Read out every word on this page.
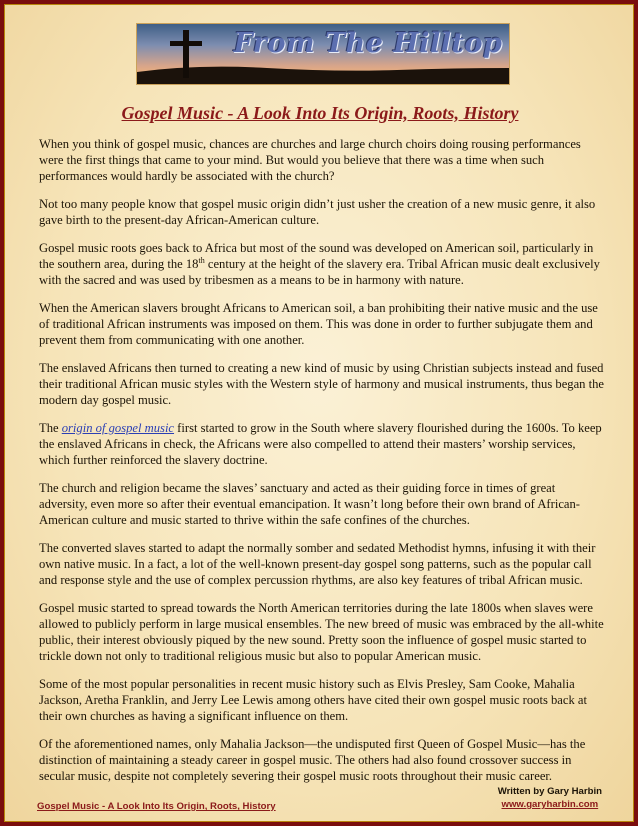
From The Hilltop
Gospel Music - A Look Into Its Origin, Roots, History

When you think of gospel music, chances are churches and large church choirs doing rousing performances were the first things that came to your mind. But would you believe that there was a time when such performances would hardly be associated with the church?

Not too many people know that gospel music origin didn’t just usher the creation of a new music genre, it also gave birth to the present-day African-American culture.

Gospel music roots goes back to Africa but most of the sound was developed on American soil, particularly in the southern area, during the 18th century at the height of the slavery era. Tribal African music dealt exclusively with the sacred and was used by tribesmen as a means to be in harmony with nature.

When the American slavers brought Africans to American soil, a ban prohibiting their native music and the use of traditional African instruments was imposed on them. This was done in order to further subjugate them and prevent them from communicating with one another.

The enslaved Africans then turned to creating a new kind of music by using Christian subjects instead and fused their traditional African music styles with the Western style of harmony and musical instruments, thus began the modern day gospel music.

The origin of gospel music first started to grow in the South where slavery flourished during the 1600s. To keep the enslaved Africans in check, the Africans were also compelled to attend their masters’ worship services, which further reinforced the slavery doctrine.

The church and religion became the slaves’ sanctuary and acted as their guiding force in times of great adversity, even more so after their eventual emancipation. It wasn’t long before their own brand of African-American culture and music started to thrive within the safe confines of the churches.

The converted slaves started to adapt the normally somber and sedated Methodist hymns, infusing it with their own native music. In a fact, a lot of the well-known present-day gospel song patterns, such as the popular call and response style and the use of complex percussion rhythms, are also key features of tribal African music.

Gospel music started to spread towards the North American territories during the late 1800s when slaves were allowed to publicly perform in large musical ensembles. The new breed of music was embraced by the all-white public, their interest obviously piqued by the new sound. Pretty soon the influence of gospel music started to trickle down not only to traditional religious music but also to popular American music.

Some of the most popular personalities in recent music history such as Elvis Presley, Sam Cooke, Mahalia Jackson, Aretha Franklin, and Jerry Lee Lewis among others have cited their own gospel music roots back at their own churches as having a significant influence on them.

Of the aforementioned names, only Mahalia Jackson—the undisputed first Queen of Gospel Music—has the distinction of maintaining a steady career in gospel music. The others had also found crossover success in secular music, despite not completely severing their gospel music roots throughout their music career.

Gospel Music - A Look Into Its Origin, Roots, History
Written by Gary Harbin
www.garyharbin.com
